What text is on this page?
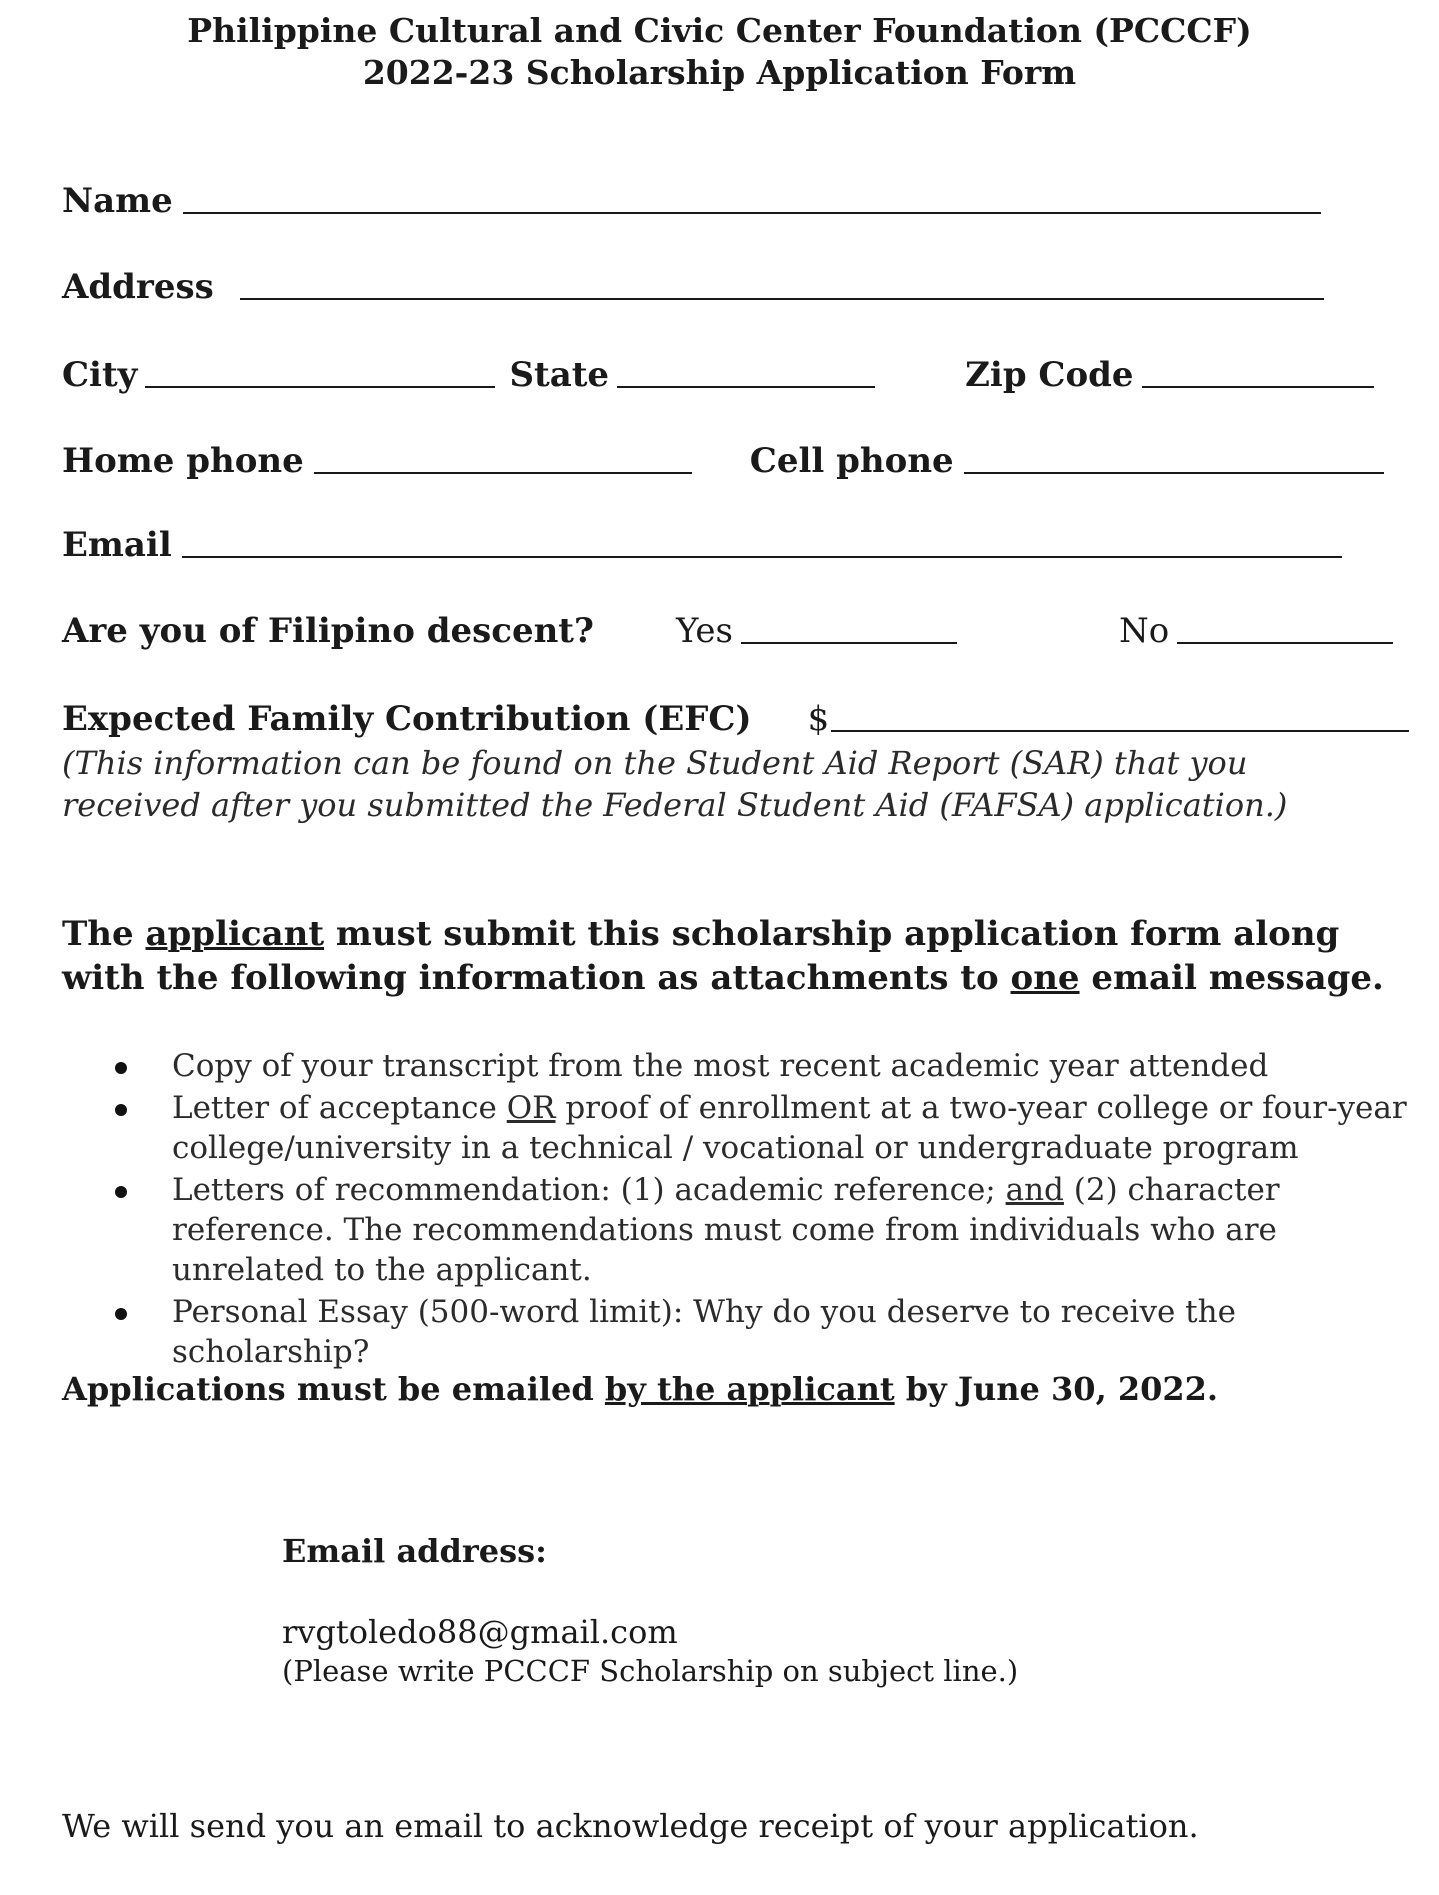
Philippine Cultural and Civic Center Foundation (PCCCF)
2022-23 Scholarship Application Form
Name
Address
City	State	Zip Code
Home phone	Cell phone
Email
Are you of Filipino descent? Yes	No
Expected Family Contribution (EFC) $
(This information can be found on the Student Aid Report (SAR) that you received after you submitted the Federal Student Aid (FAFSA) application.)
The applicant must submit this scholarship application form along with the following information as attachments to one email message.
Copy of your transcript from the most recent academic year attended
Letter of acceptance OR proof of enrollment at a two-year college or four-year college/university in a technical / vocational or undergraduate program
Letters of recommendation: (1) academic reference; and (2) character reference. The recommendations must come from individuals who are unrelated to the applicant.
Personal Essay (500-word limit): Why do you deserve to receive the scholarship?
Applications must be emailed by the applicant by June 30, 2022.
Email address:
rvgtoledo88@gmail.com
(Please write PCCCF Scholarship on subject line.)
We will send you an email to acknowledge receipt of your application.
